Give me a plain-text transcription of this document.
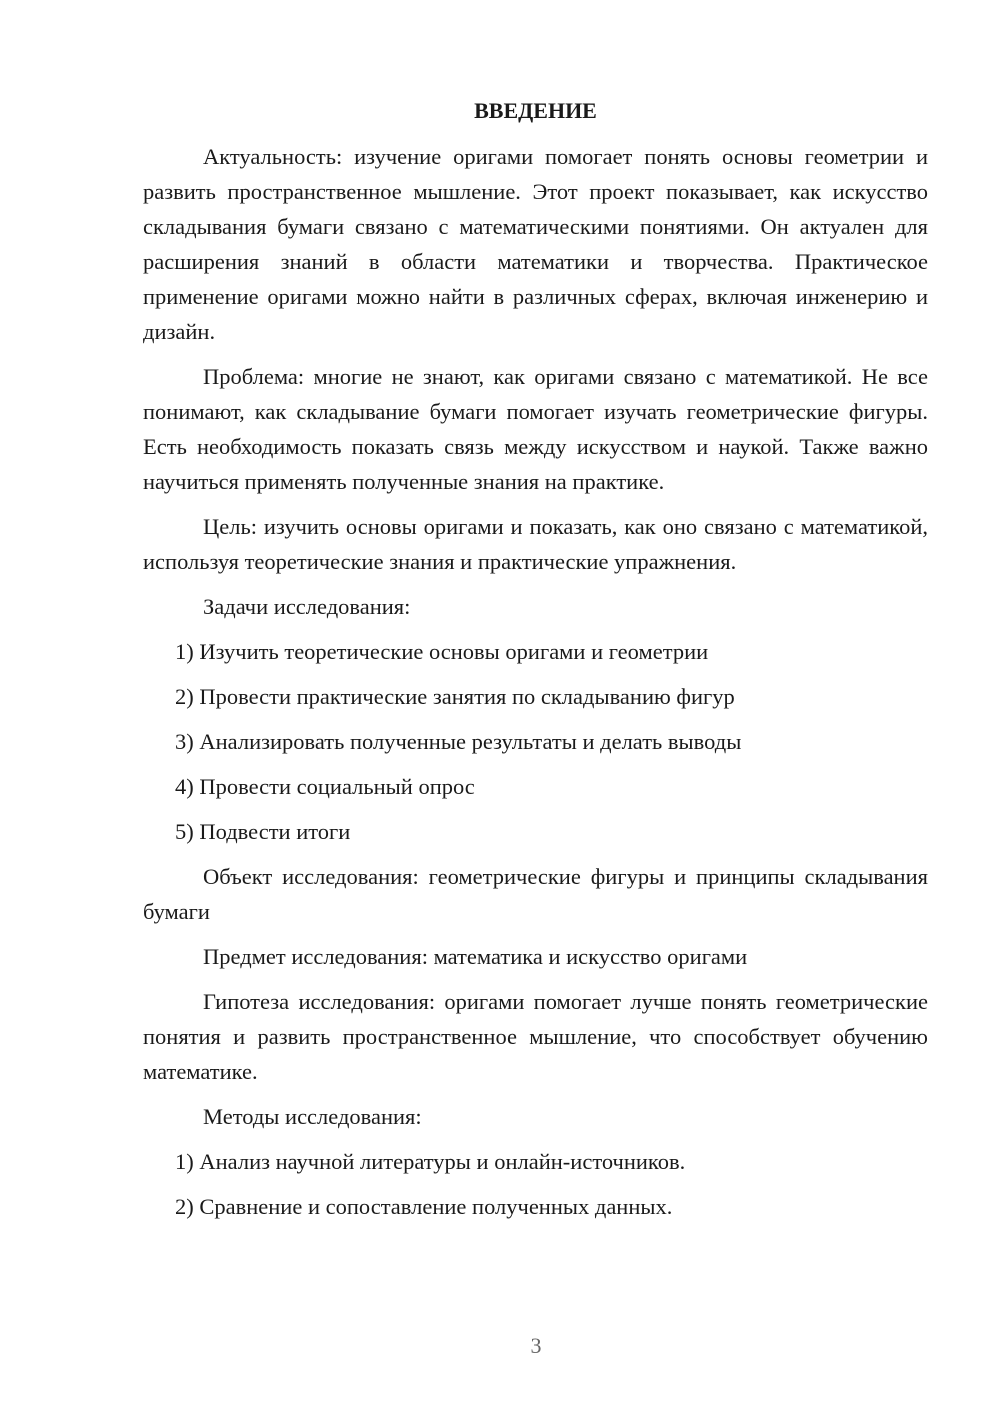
ВВЕДЕНИЕ

Актуальность: изучение оригами помогает понять основы геометрии и развить пространственное мышление. Этот проект показывает, как искусство складывания бумаги связано с математическими понятиями. Он актуален для расширения знаний в области математики и творчества. Практическое применение оригами можно найти в различных сферах, включая инженерию и дизайн.

Проблема: многие не знают, как оригами связано с математикой. Не все понимают, как складывание бумаги помогает изучать геометрические фигуры. Есть необходимость показать связь между искусством и наукой. Также важно научиться применять полученные знания на практике.

Цель: изучить основы оригами и показать, как оно связано с математикой, используя теоретические знания и практические упражнения.

Задачи исследования:

1) Изучить теоретические основы оригами и геометрии
2) Провести практические занятия по складыванию фигур
3) Анализировать полученные результаты и делать выводы
4) Провести социальный опрос
5) Подвести итоги

Объект исследования: геометрические фигуры и принципы складывания бумаги

Предмет исследования: математика и искусство оригами

Гипотеза исследования: оригами помогает лучше понять геометрические понятия и развить пространственное мышление, что способствует обучению математике.

Методы исследования:

1) Анализ научной литературы и онлайн-источников.
2) Сравнение и сопоставление полученных данных.
3
